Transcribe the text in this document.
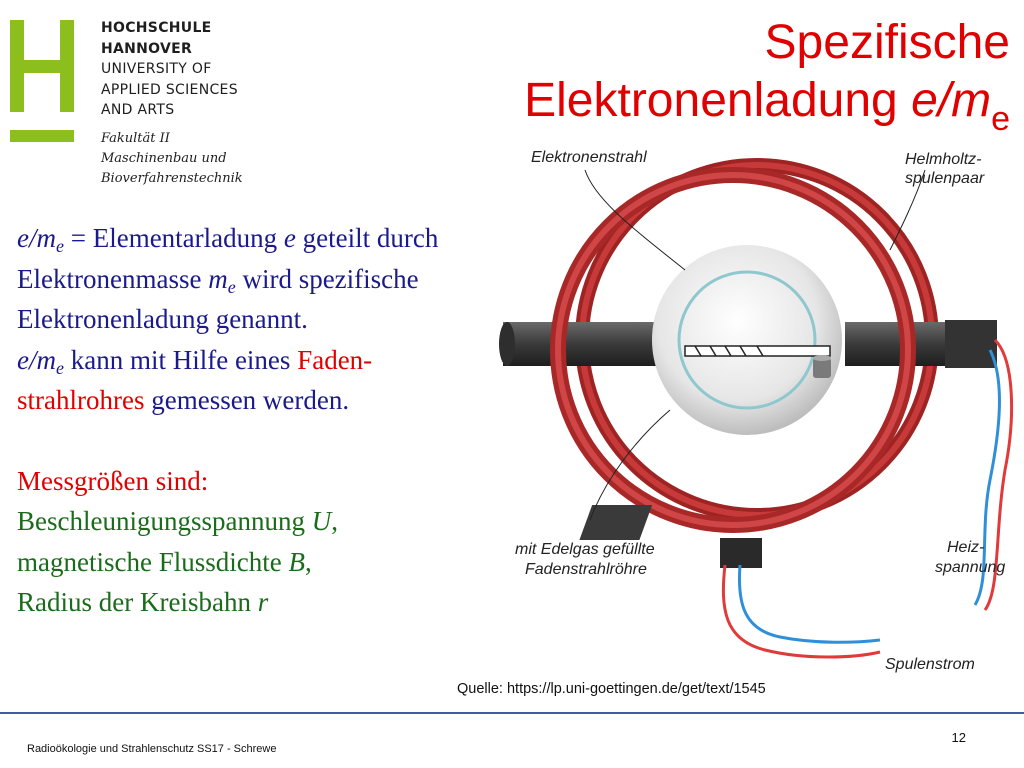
HOCHSCHULE
HANNOVER
UNIVERSITY OF
APPLIED SCIENCES
AND ARTS
Fakultät II
Maschinenbau und
Bioverfahrenstechnik
Spezifische
Elektronenladung $e/m_e$

$e/m_e$ = Elementarladung e geteilt durch Elektronenmasse $m_e$ wird spezifische Elektronenladung genannt.

$e/m_e$ kann mit Hilfe eines Faden-strahlrohres gemessen werden.

Messgrößen sind:

Beschleunigungsspannung U,

magnetische Flussdichte B,

Radius der Kreisbahn r

Elektronenstrahl	Helmholtz-
spulenpaar
mit Edelgas gefüllte
Fadenstrahlröhre
Heiz-
spannung
Spulenstrom
Quelle: https://lp.uni-goettingen.de/get/text/1545
Radioökologie und Strahlenschutz SS17 - Schrewe
12
